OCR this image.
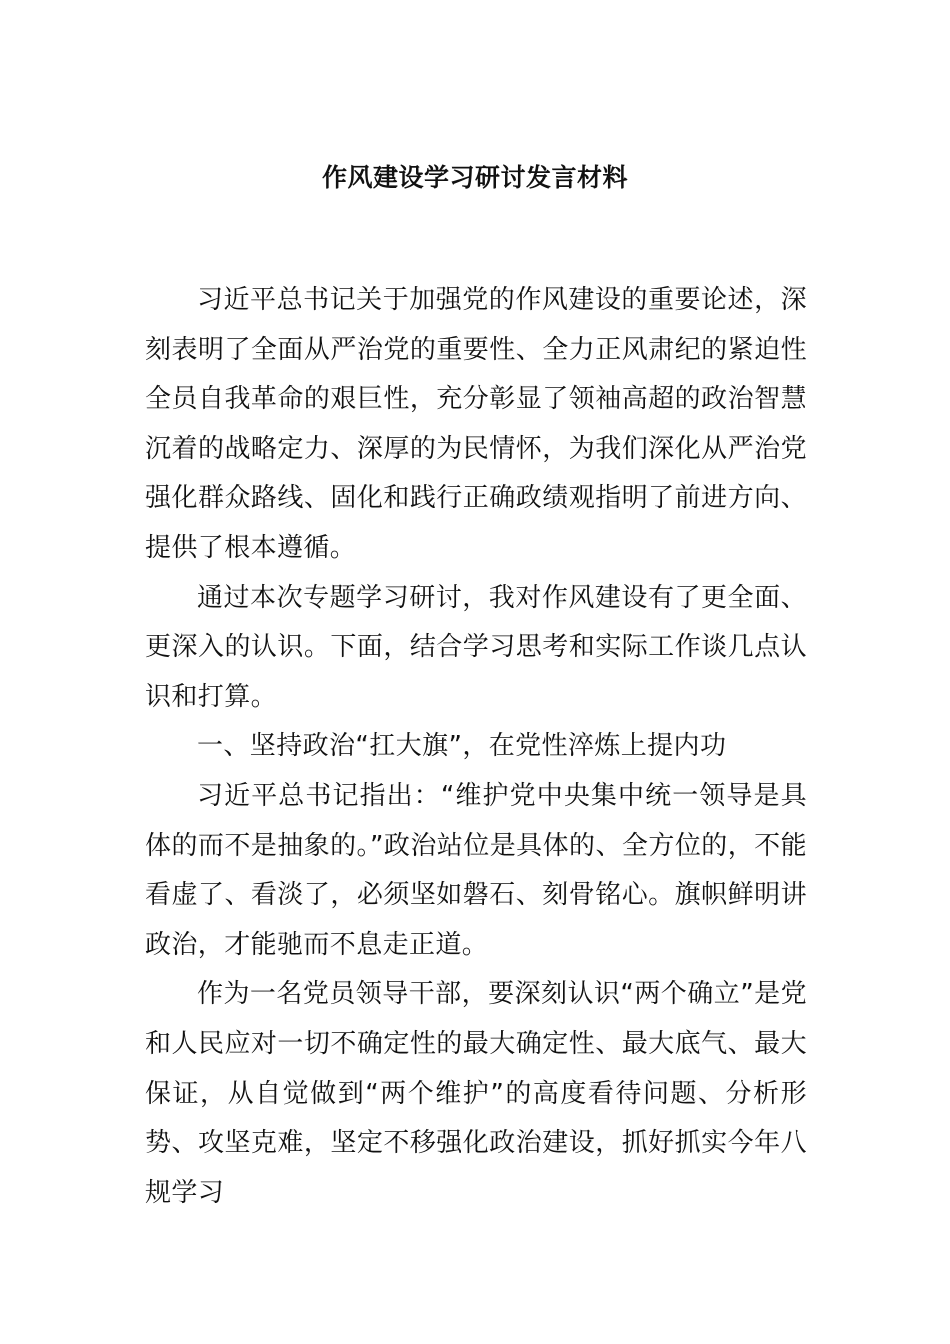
作风建设学习研讨发言材料

习近平总书记关于加强党的作风建设的重要论述，深刻表明了全面从严治党的重要性、全力正风肃纪的紧迫性全员自我革命的艰巨性，充分彰显了领袖高超的政治智慧沉着的战略定力、深厚的为民情怀，为我们深化从严治党强化群众路线、固化和践行正确政绩观指明了前进方向、提供了根本遵循。

通过本次专题学习研讨，我对作风建设有了更全面、更深入的认识。下面，结合学习思考和实际工作谈几点认识和打算。

一、坚持政治“扛大旗”，在党性淬炼上提内功

习近平总书记指出：“维护党中央集中统一领导是具体的而不是抽象的。”政治站位是具体的、全方位的，不能看虚了、看淡了，必须坚如磐石、刻骨铭心。旗帜鲜明讲政治，才能驰而不息走正道。

作为一名党员领导干部，要深刻认识“两个确立”是党和人民应对一切不确定性的最大确定性、最大底气、最大保证，从自觉做到“两个维护”的高度看待问题、分析形势、攻坚克难，坚定不移强化政治建设，抓好抓实今年八规学习
